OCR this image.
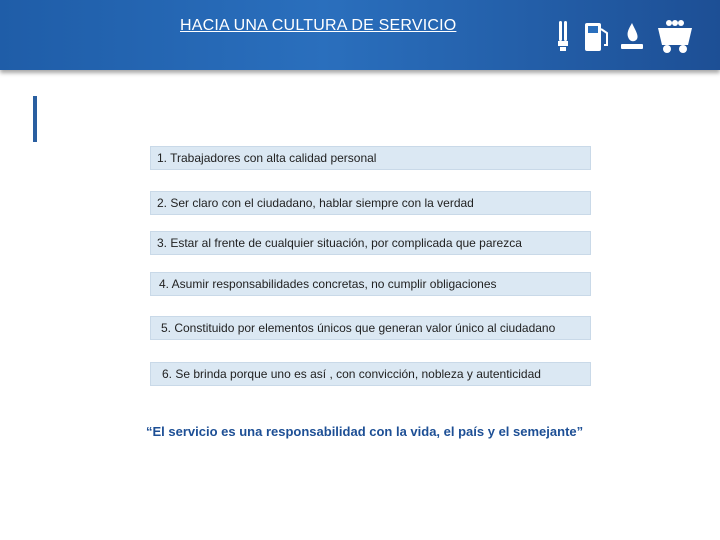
HACIA UNA CULTURA DE SERVICIO
1. Trabajadores con alta calidad personal
2. Ser claro con el ciudadano, hablar siempre con la verdad
3. Estar al frente de cualquier situación, por complicada que parezca
4. Asumir responsabilidades concretas, no cumplir obligaciones
5. Constituido por elementos únicos que generan valor único al ciudadano
6. Se brinda porque uno es así , con convicción, nobleza y autenticidad
“El servicio es una responsabilidad con la vida, el país y el semejante”
